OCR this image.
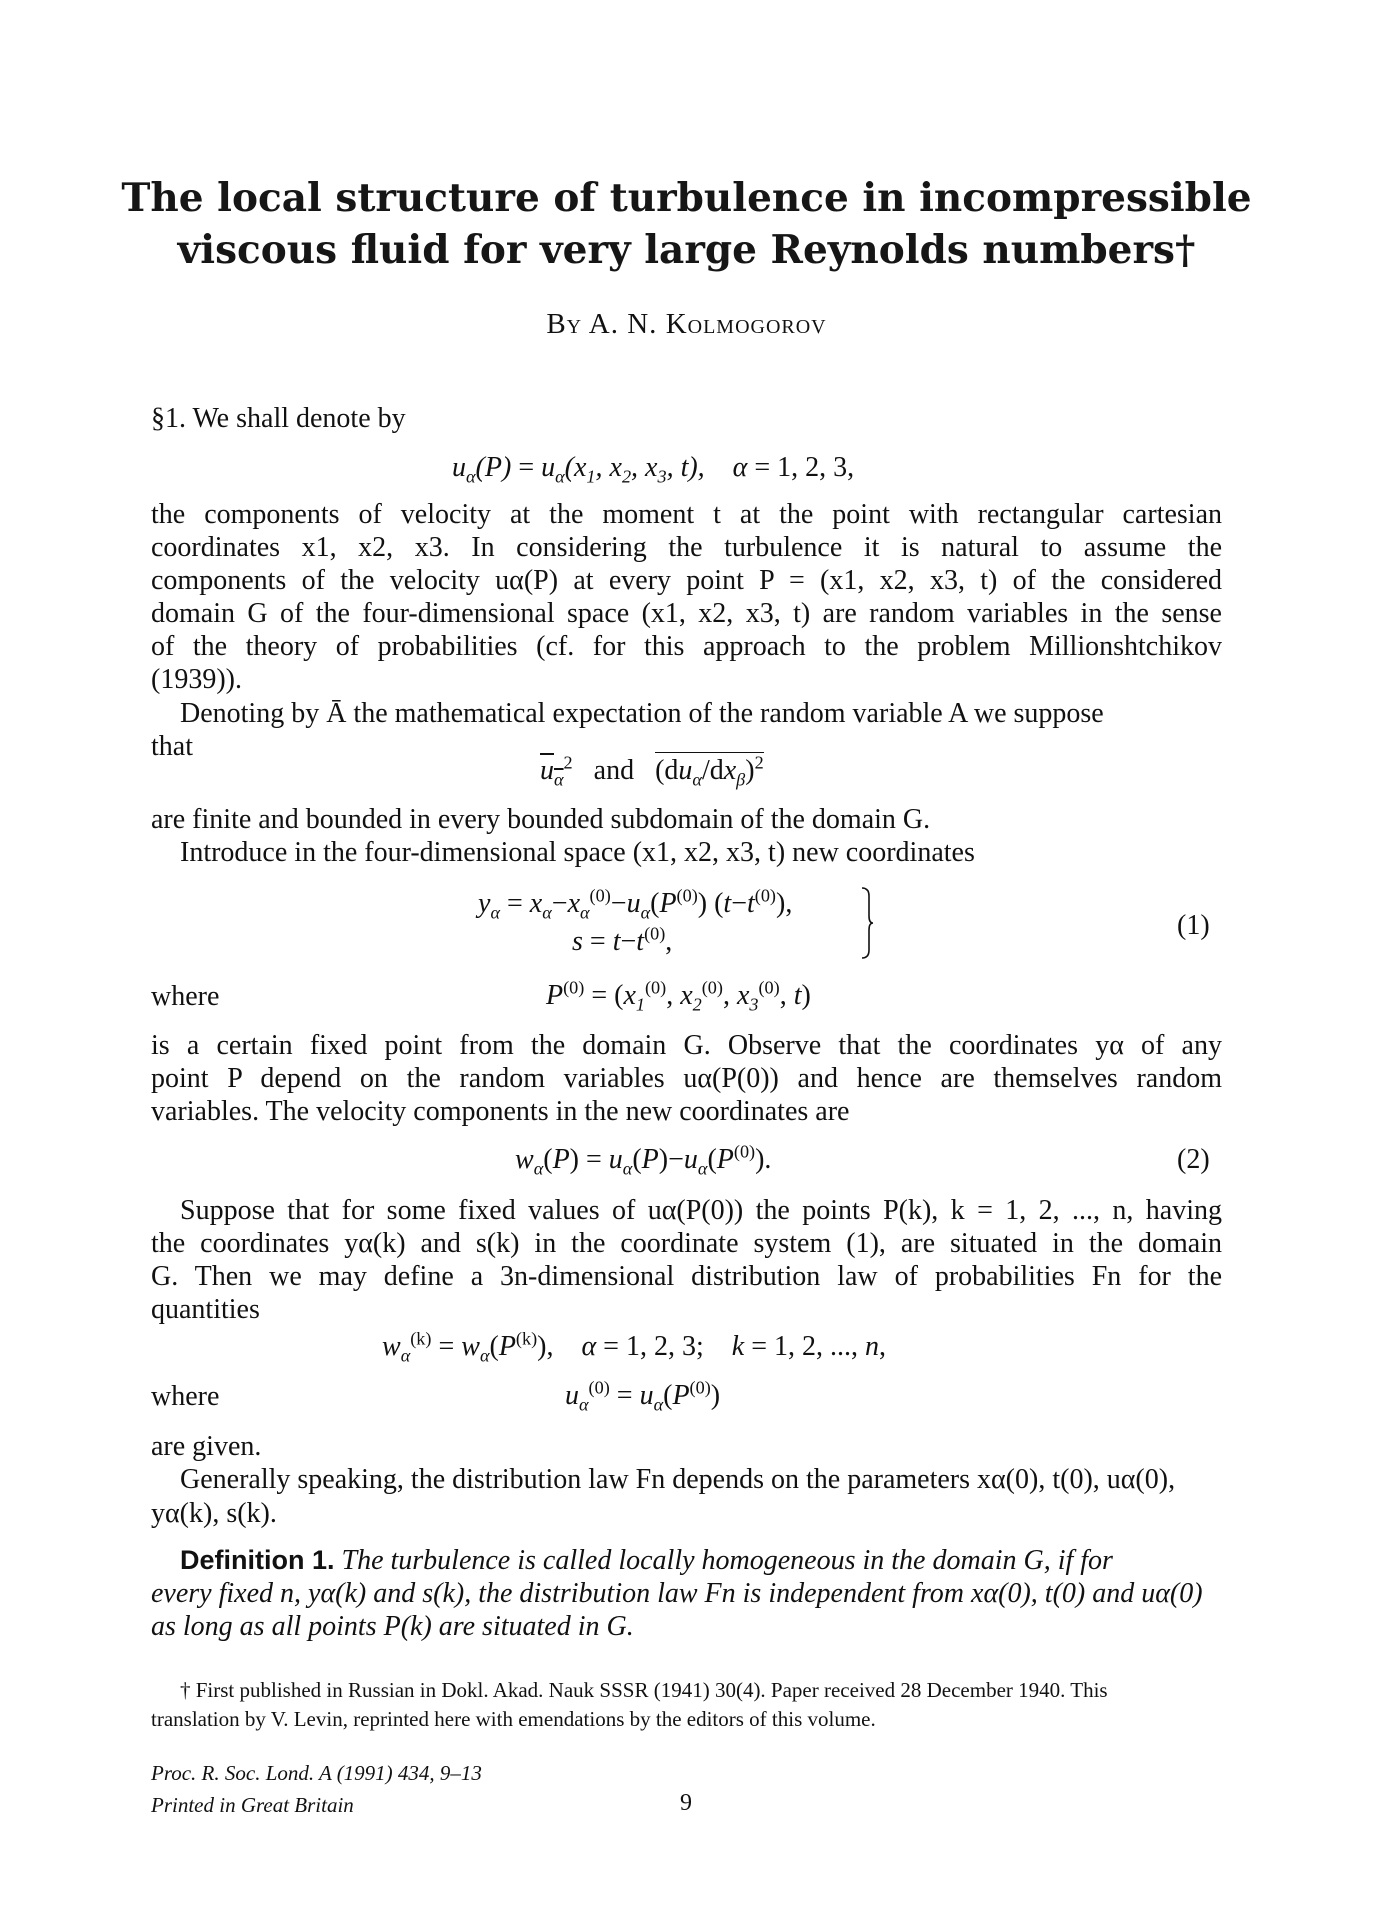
The local structure of turbulence in incompressible
viscous fluid for very large Reynolds numbers†
By A. N. Kolmogorov
§1. We shall denote by
$u_\alpha(P) = u_\alpha(x_1$, $x_2$, $x_3$, t),    α = 1, 2, 3,
the components of velocity at the moment t at the point with rectangular cartesian
coordinates x1, x2, x3. In considering the turbulence it is natural to assume the
components of the velocity uα(P) at every point P = (x1, x2, x3, t) of the considered
domain G of the four-dimensional space (x1, x2, x3, t) are random variables in the sense
of the theory of probabilities (cf. for this approach to the problem Millionshtchikov
(1939)).
Denoting by Ā the mathematical expectation of the random variable A we suppose
that
$u_\alpha^2$ and $(du_\alpha/dx_\beta)^2$
are finite and bounded in every bounded subdomain of the domain G.
Introduce in the four-dimensional space (x1, x2, x3, t) new coordinates
$y_\alpha = x_\alpha-x_\alpha^{(0)}-u_\alpha(P^{(0)})$ $(t-t^{(0)})$,
$s = t-t^{(0)}$,
(1)
where	$P^{(0)} = (x_1^{(0)}$, $x_2^{(0)}$, $x_3^{(0)}$, t)
is a certain fixed point from the domain G. Observe that the coordinates yα of any
point P depend on the random variables uα(P(0)) and hence are themselves random
variables. The velocity components in the new coordinates are
$w_\alpha(P) = u_\alpha(P)-u_\alpha(P^{(0)})$.	(2)
Suppose that for some fixed values of uα(P(0)) the points P(k), k = 1, 2, ..., n, having
the coordinates yα(k) and s(k) in the coordinate system (1), are situated in the domain
G. Then we may define a 3n-dimensional distribution law of probabilities Fn for the
quantities
$w_\alpha^{(k)} = w_\alpha(P^{(k)})$,    α = 1, 2, 3;    k = 1, 2, ..., n,
where	$u_\alpha^{(0)} = u_\alpha(P^{(0)})$
are given.
Generally speaking, the distribution law Fn depends on the parameters xα(0), t(0), uα(0),
yα(k), s(k).
Definition 1. The turbulence is called locally homogeneous in the domain G, if for
every fixed n, yα(k) and s(k), the distribution law Fn is independent from xα(0), t(0) and uα(0)
as long as all points P(k) are situated in G.
† First published in Russian in Dokl. Akad. Nauk SSSR (1941) 30(4). Paper received 28 December 1940. This
translation by V. Levin, reprinted here with emendations by the editors of this volume.
Proc. R. Soc. Lond. A (1991) 434, 9–13
Printed in Great Britain	9
